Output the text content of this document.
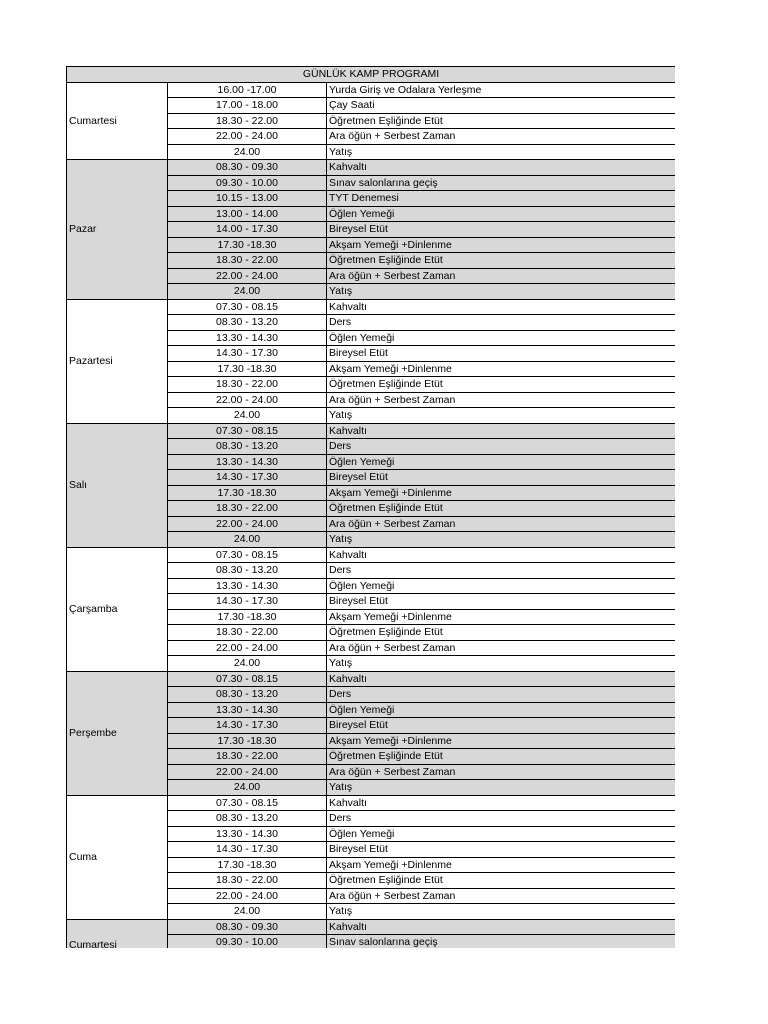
GÜNLÜK KAMP PROGRAMI		
Cumartesi	16.00 -17.00	Yurda Giriş ve Odalara Yerleşme
	17.00 - 18.00	Çay Saati
	18.30 - 22.00	Öğretmen Eşliğinde Etüt
	22.00 - 24.00	Ara öğün + Serbest Zaman
	24.00	Yatış
Pazar	08.30 - 09.30	Kahvaltı
	09.30 - 10.00	Sınav salonlarına geçiş
	10.15 - 13.00	TYT Denemesi
	13.00 - 14.00	Öğlen Yemeği
	14.00 - 17.30	Bireysel Etüt
	17.30 -18.30	Akşam Yemeği +Dinlenme
	18.30 - 22.00	Öğretmen Eşliğinde Etüt
	22.00 - 24.00	Ara öğün + Serbest Zaman
	24.00	Yatış
Pazartesi	07.30 - 08.15	Kahvaltı
	08.30 - 13.20	Ders
	13.30 - 14.30	Öğlen Yemeği
	14.30 - 17.30	Bireysel Etüt
	17.30 -18.30	Akşam Yemeği +Dinlenme
	18.30 - 22.00	Öğretmen Eşliğinde Etüt
	22.00 - 24.00	Ara öğün + Serbest Zaman
	24.00	Yatış
Salı	07.30 - 08.15	Kahvaltı
	08.30 - 13.20	Ders
	13.30 - 14.30	Öğlen Yemeği
	14.30 - 17.30	Bireysel Etüt
	17.30 -18.30	Akşam Yemeği +Dinlenme
	18.30 - 22.00	Öğretmen Eşliğinde Etüt
	22.00 - 24.00	Ara öğün + Serbest Zaman
	24.00	Yatış
Çarşamba	07.30 - 08.15	Kahvaltı
	08.30 - 13.20	Ders
	13.30 - 14.30	Öğlen Yemeği
	14.30 - 17.30	Bireysel Etüt
	17.30 -18.30	Akşam Yemeği +Dinlenme
	18.30 - 22.00	Öğretmen Eşliğinde Etüt
	22.00 - 24.00	Ara öğün + Serbest Zaman
	24.00	Yatış
Perşembe	07.30 - 08.15	Kahvaltı
	08.30 - 13.20	Ders
	13.30 - 14.30	Öğlen Yemeği
	14.30 - 17.30	Bireysel Etüt
	17.30 -18.30	Akşam Yemeği +Dinlenme
	18.30 - 22.00	Öğretmen Eşliğinde Etüt
	22.00 - 24.00	Ara öğün + Serbest Zaman
	24.00	Yatış
Cuma	07.30 - 08.15	Kahvaltı
	08.30 - 13.20	Ders
	13.30 - 14.30	Öğlen Yemeği
	14.30 - 17.30	Bireysel Etüt
	17.30 -18.30	Akşam Yemeği +Dinlenme
	18.30 - 22.00	Öğretmen Eşliğinde Etüt
	22.00 - 24.00	Ara öğün + Serbest Zaman
	24.00	Yatış
Cumartesi	08.30 - 09.30	Kahvaltı
	09.30 - 10.00	Sınav salonlarına geçiş
